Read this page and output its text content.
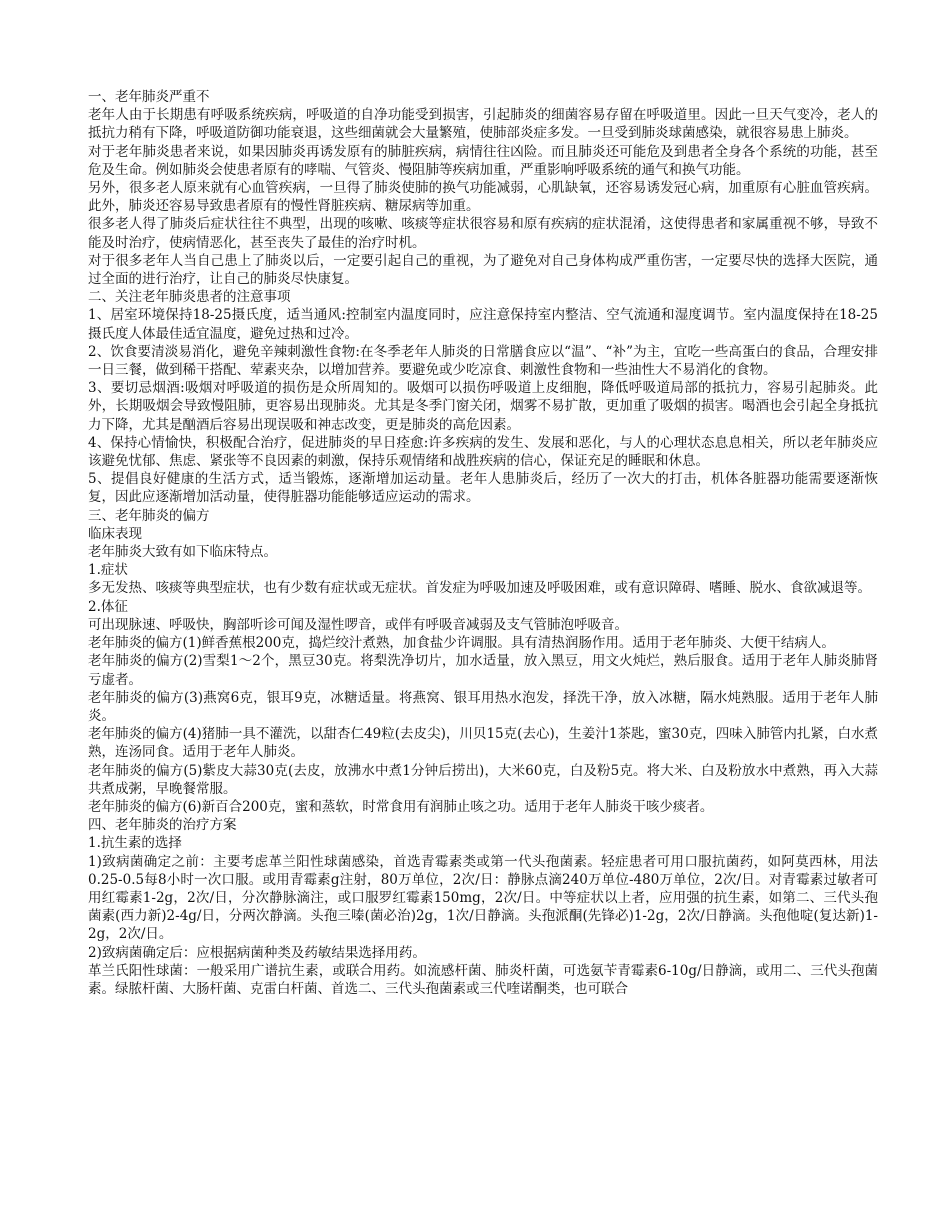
一、老年肺炎严重不

老年人由于长期患有呼吸系统疾病，呼吸道的自净功能受到损害，引起肺炎的细菌容易存留在呼吸道里。因此一旦天气变冷，老人的抵抗力稍有下降，呼吸道防御功能衰退，这些细菌就会大量繁殖，使肺部炎症多发。一旦受到肺炎球菌感染，就很容易患上肺炎。

对于老年肺炎患者来说，如果因肺炎再诱发原有的肺脏疾病，病情往往凶险。而且肺炎还可能危及到患者全身各个系统的功能，甚至危及生命。例如肺炎会使患者原有的哮喘、气管炎、慢阻肺等疾病加重，严重影响呼吸系统的通气和换气功能。

另外，很多老人原来就有心血管疾病，一旦得了肺炎使肺的换气功能减弱，心肌缺氧，还容易诱发冠心病，加重原有心脏血管疾病。此外，肺炎还容易导致患者原有的慢性肾脏疾病、糖尿病等加重。

很多老人得了肺炎后症状往往不典型，出现的咳嗽、咳痰等症状很容易和原有疾病的症状混淆，这使得患者和家属重视不够，导致不能及时治疗，使病情恶化，甚至丧失了最佳的治疗时机。

对于很多老年人当自己患上了肺炎以后，一定要引起自己的重视，为了避免对自己身体构成严重伤害，一定要尽快的选择大医院，通过全面的进行治疗，让自己的肺炎尽快康复。

二、关注老年肺炎患者的注意事项

1、居室环境保持18-25摄氏度，适当通风:控制室内温度同时，应注意保持室内整洁、空气流通和湿度调节。室内温度保持在18-25摄氏度人体最佳适宜温度，避免过热和过冷。

2、饮食要清淡易消化，避免辛辣刺激性食物:在冬季老年人肺炎的日常膳食应以“温”、“补”为主，宜吃一些高蛋白的食品，合理安排一日三餐，做到稀干搭配、荤素夹杂，以增加营养。要避免或少吃凉食、刺激性食物和一些油性大不易消化的食物。

3、要切忌烟酒:吸烟对呼吸道的损伤是众所周知的。吸烟可以损伤呼吸道上皮细胞，降低呼吸道局部的抵抗力，容易引起肺炎。此外，长期吸烟会导致慢阻肺，更容易出现肺炎。尤其是冬季门窗关闭，烟雾不易扩散，更加重了吸烟的损害。喝酒也会引起全身抵抗力下降，尤其是酗酒后容易出现误吸和神志改变，更是肺炎的高危因素。

4、保持心情愉快，积极配合治疗，促进肺炎的早日痊愈:许多疾病的发生、发展和恶化，与人的心理状态息息相关，所以老年肺炎应该避免忧郁、焦虑、紧张等不良因素的刺激，保持乐观情绪和战胜疾病的信心，保证充足的睡眠和休息。

5、提倡良好健康的生活方式，适当锻炼，逐渐增加运动量。老年人患肺炎后，经历了一次大的打击，机体各脏器功能需要逐渐恢复，因此应逐渐增加活动量，使得脏器功能能够适应运动的需求。

三、老年肺炎的偏方

临床表现

老年肺炎大致有如下临床特点。

1.症状

多无发热、咳痰等典型症状，也有少数有症状或无症状。首发症为呼吸加速及呼吸困难，或有意识障碍、嗜睡、脱水、食欲减退等。

2.体征

可出现脉速、呼吸快，胸部听诊可闻及湿性啰音，或伴有呼吸音减弱及支气管肺泡呼吸音。

老年肺炎的偏方(1)鲜香蕉根200克，捣烂绞汁煮熟，加食盐少许调服。具有清热润肠作用。适用于老年肺炎、大便干结病人。

老年肺炎的偏方(2)雪梨1～2个，黑豆30克。将梨洗净切片，加水适量，放入黑豆，用文火炖烂，熟后服食。适用于老年人肺炎肺肾亏虚者。

老年肺炎的偏方(3)燕窝6克，银耳9克，冰糖适量。将燕窝、银耳用热水泡发，择洗干净，放入冰糖，隔水炖熟服。适用于老年人肺炎。

老年肺炎的偏方(4)猪肺一具不灌洗，以甜杏仁49粒(去皮尖)，川贝15克(去心)，生姜汁1茶匙，蜜30克，四味入肺管内扎紧，白水煮熟，连汤同食。适用于老年人肺炎。

老年肺炎的偏方(5)紫皮大蒜30克(去皮，放沸水中煮1分钟后捞出)，大米60克，白及粉5克。将大米、白及粉放水中煮熟，再入大蒜共煮成粥，早晚餐常服。

老年肺炎的偏方(6)新百合200克，蜜和蒸软，时常食用有润肺止咳之功。适用于老年人肺炎干咳少痰者。

四、老年肺炎的治疗方案

1.抗生素的选择

1)致病菌确定之前：主要考虑革兰阳性球菌感染，首选青霉素类或第一代头孢菌素。轻症患者可用口服抗菌药，如阿莫西林，用法0.25-0.5每8小时一次口服。或用青霉素g注射，80万单位，2次/日：静脉点滴240万单位-480万单位，2次/日。对青霉素过敏者可用红霉素1-2g，2次/日，分次静脉滴注，或口服罗红霉素150mg，2次/日。中等症状以上者，应用强的抗生素，如第二、三代头孢菌素(西力新)2-4g/日，分两次静滴。头孢三嗪(菌必治)2g，1次/日静滴。头孢派酮(先锋必)1-2g，2次/日静滴。头孢他啶(复达新)1-2g，2次/日。

2)致病菌确定后：应根据病菌种类及药敏结果选择用药。

革兰氏阳性球菌：一般采用广谱抗生素，或联合用药。如流感杆菌、肺炎杆菌，可选氨苄青霉素6-10g/日静滴，或用二、三代头孢菌素。绿脓杆菌、大肠杆菌、克雷白杆菌、首选二、三代头孢菌素或三代喹诺酮类，也可联合
